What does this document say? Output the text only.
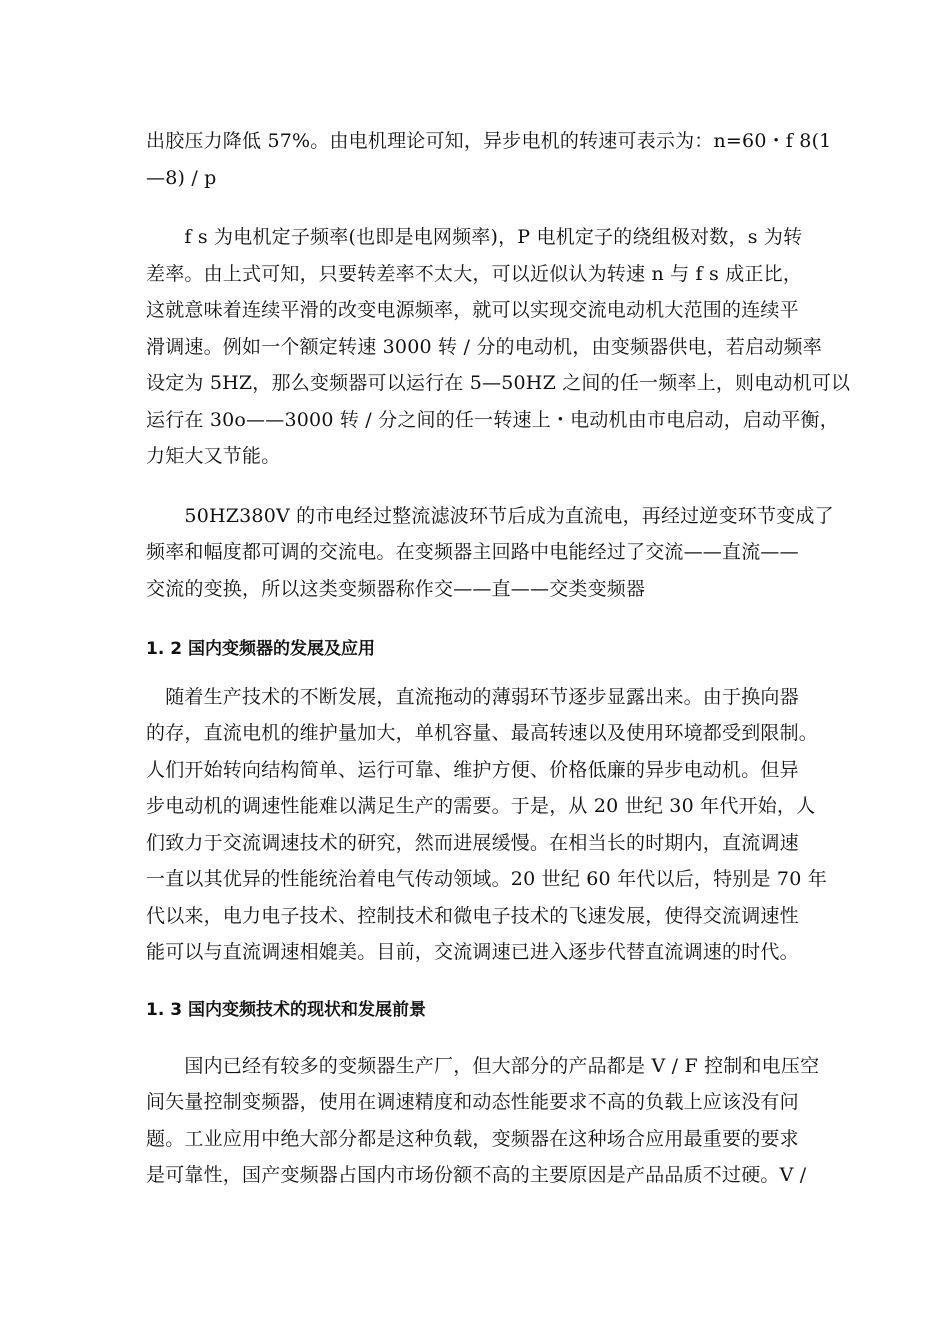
出胶压力降低 57%。由电机理论可知，异步电机的转速可表示为：n=60・f 8(1
—8) / p
　　f s 为电机定子频率(也即是电网频率)，P 电机定子的绕组极对数，s 为转
差率。由上式可知，只要转差率不太大，可以近似认为转速 n 与 f s 成正比，
这就意味着连续平滑的改变电源频率，就可以实现交流电动机大范围的连续平
滑调速。例如一个额定转速 3000 转 / 分的电动机，由变频器供电，若启动频率
设定为 5HZ，那么变频器可以运行在 5—50HZ 之间的任一频率上，则电动机可以
运行在 30o——3000 转 / 分之间的任一转速上・电动机由市电启动，启动平衡，
力矩大又节能。
　　50HZ380V 的市电经过整流滤波环节后成为直流电，再经过逆变环节变成了
频率和幅度都可调的交流电。在变频器主回路中电能经过了交流——直流——
交流的变换，所以这类变频器称作交——直——交类变频器
1. 2 国内变频器的发展及应用
　随着生产技术的不断发展，直流拖动的薄弱环节逐步显露出来。由于换向器
的存，直流电机的维护量加大，单机容量、最高转速以及使用环境都受到限制。
人们开始转向结构简单、运行可靠、维护方便、价格低廉的异步电动机。但异
步电动机的调速性能难以满足生产的需要。于是，从 20 世纪 30 年代开始，人
们致力于交流调速技术的研究，然而进展缓慢。在相当长的时期内，直流调速
一直以其优异的性能统治着电气传动领域。20 世纪 60 年代以后，特别是 70 年
代以来，电力电子技术、控制技术和微电子技术的飞速发展，使得交流调速性
能可以与直流调速相媲美。目前，交流调速已进入逐步代替直流调速的时代。
1. 3 国内变频技术的现状和发展前景
　　国内已经有较多的变频器生产厂，但大部分的产品都是 V / F 控制和电压空
间矢量控制变频器，使用在调速精度和动态性能要求不高的负载上应该没有问
题。工业应用中绝大部分都是这种负载，变频器在这种场合应用最重要的要求
是可靠性，国产变频器占国内市场份额不高的主要原因是产品品质不过硬。V /
